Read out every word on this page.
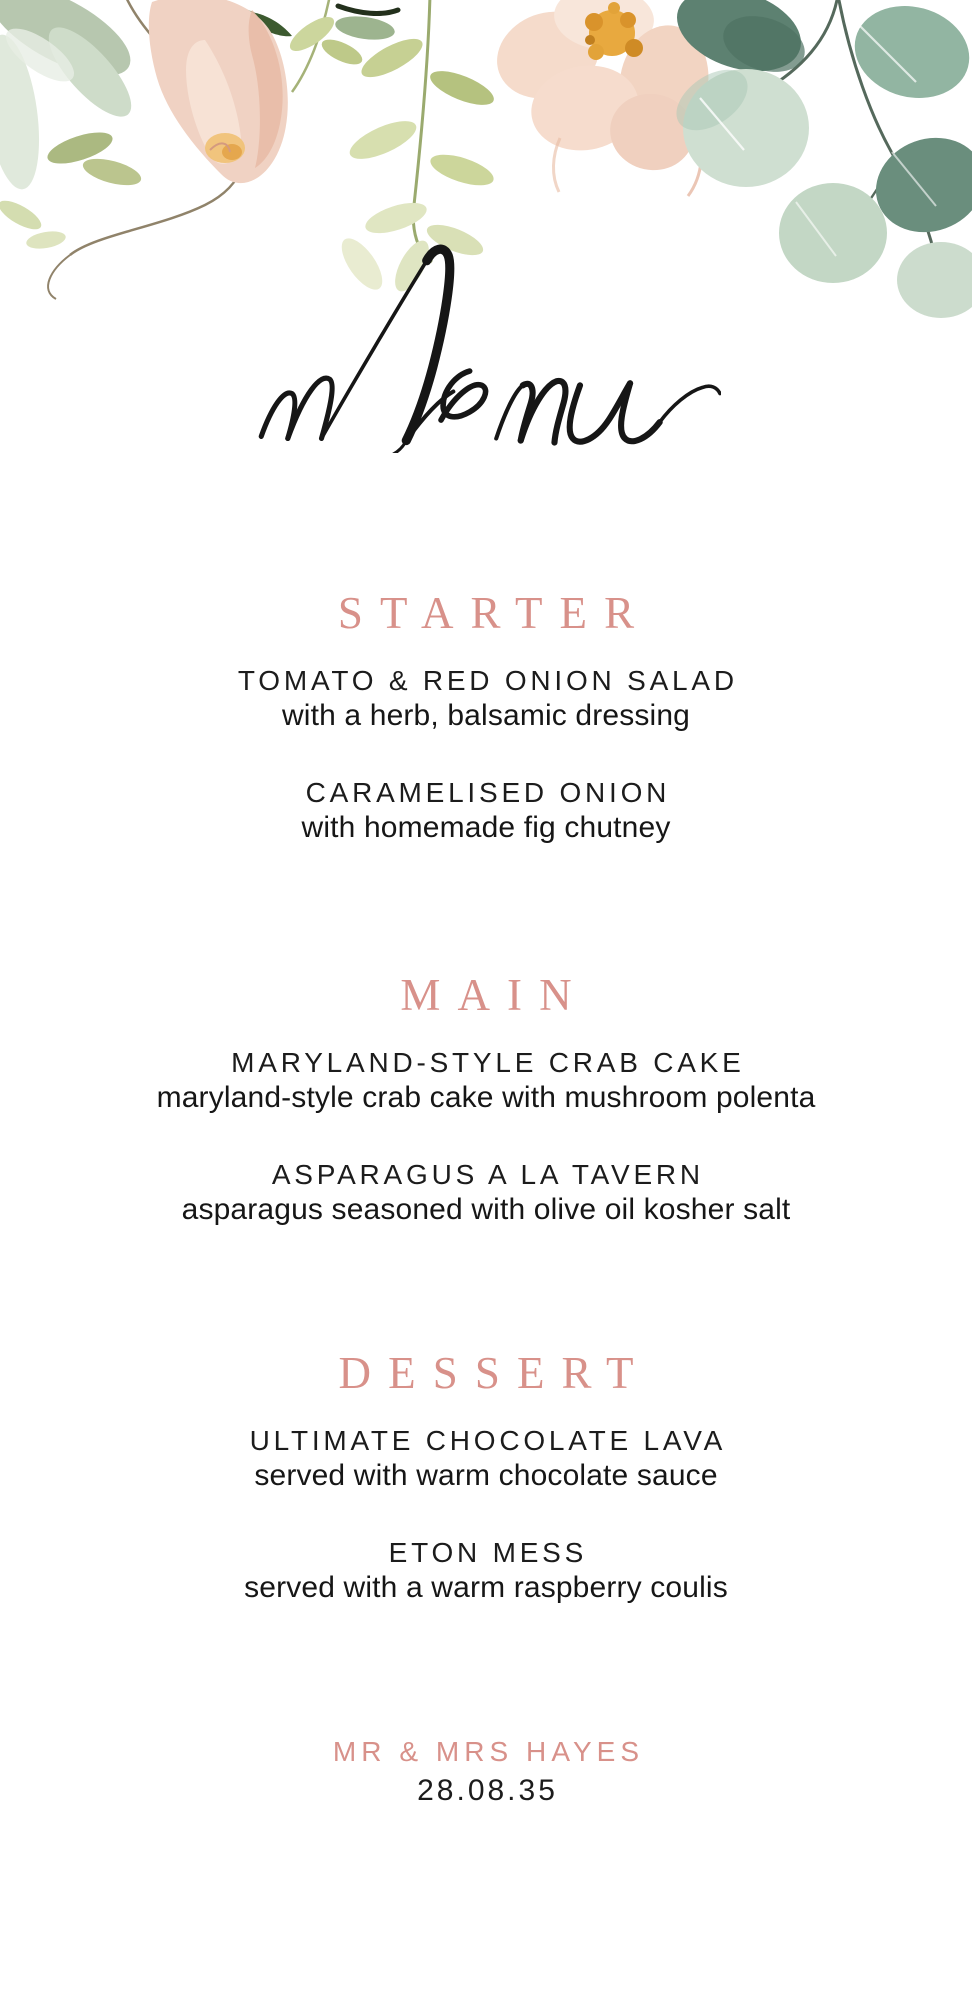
STARTER
TOMATO & RED ONION SALAD
with a herb, balsamic dressing
CARAMELISED ONION
with homemade fig chutney
MAIN
MARYLAND-STYLE CRAB CAKE
maryland-style crab cake with mushroom polenta
ASPARAGUS A LA TAVERN
asparagus seasoned with olive oil kosher salt
DESSERT
ULTIMATE CHOCOLATE LAVA
served with warm chocolate sauce
ETON MESS
served with a warm raspberry coulis
MR & MRS HAYES
28.08.35
